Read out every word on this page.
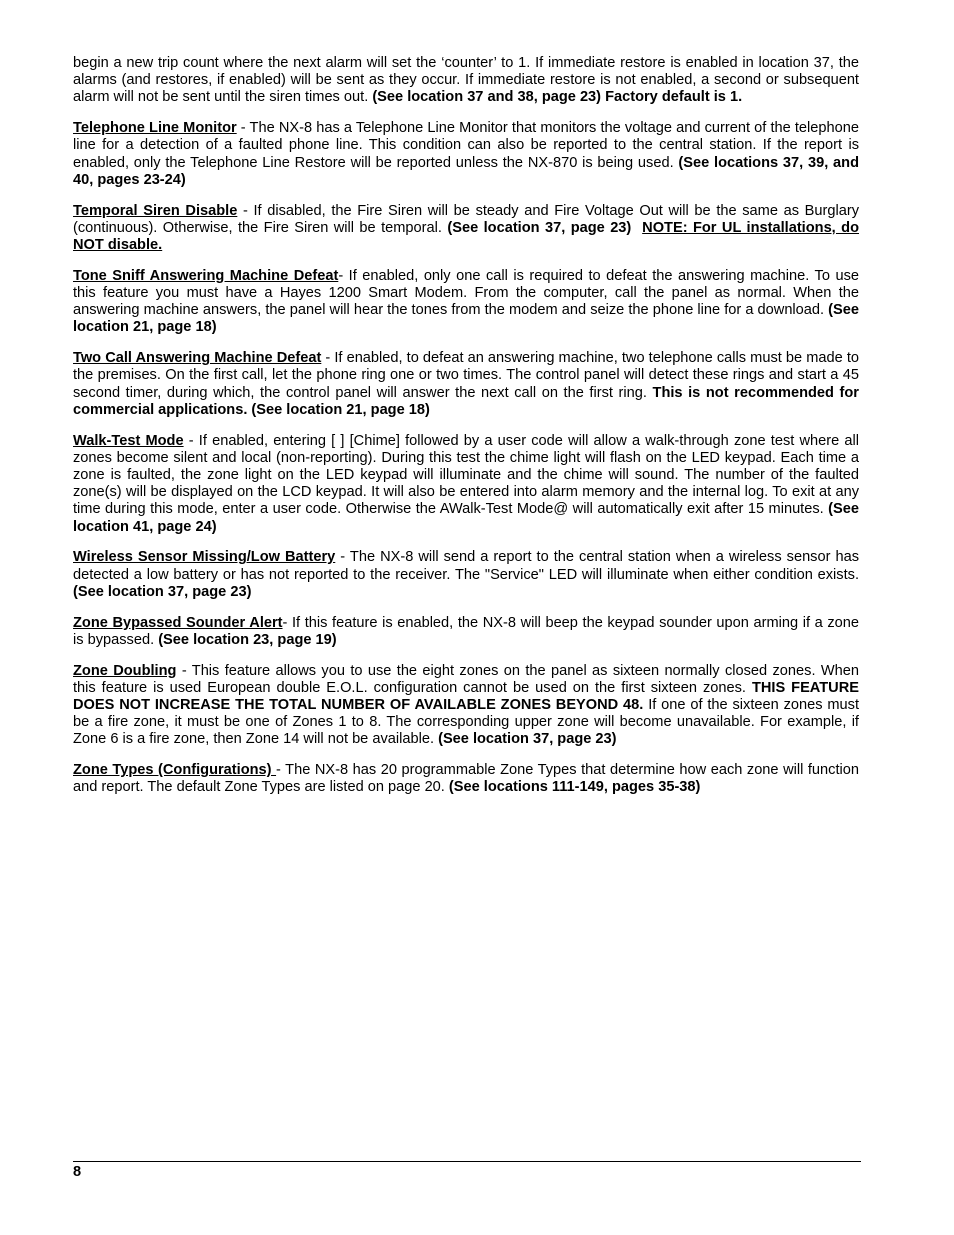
begin a new trip count where the next alarm will set the ‘counter’ to 1. If immediate restore is enabled in location 37, the alarms (and restores, if enabled) will be sent as they occur. If immediate restore is not enabled, a second or subsequent alarm will not be sent until the siren times out. (See location 37 and 38, page 23) Factory default is 1.

Telephone Line Monitor - The NX-8 has a Telephone Line Monitor that monitors the voltage and current of the telephone line for a detection of a faulted phone line. This condition can also be reported to the central station. If the report is enabled, only the Telephone Line Restore will be reported unless the NX-870 is being used. (See locations 37, 39, and 40, pages 23-24)

Temporal Siren Disable - If disabled, the Fire Siren will be steady and Fire Voltage Out will be the same as Burglary (continuous). Otherwise, the Fire Siren will be temporal. (See location 37, page 23) NOTE: For UL installations, do NOT disable.

Tone Sniff Answering Machine Defeat- If enabled, only one call is required to defeat the answering machine. To use this feature you must have a Hayes 1200 Smart Modem. From the computer, call the panel as normal. When the answering machine answers, the panel will hear the tones from the modem and seize the phone line for a download. (See location 21, page 18)

Two Call Answering Machine Defeat - If enabled, to defeat an answering machine, two telephone calls must be made to the premises. On the first call, let the phone ring one or two times. The control panel will detect these rings and start a 45 second timer, during which, the control panel will answer the next call on the first ring. This is not recommended for commercial applications. (See location 21, page 18)

Walk-Test Mode - If enabled, entering [ ] [Chime] followed by a user code will allow a walk-through zone test where all zones become silent and local (non-reporting). During this test the chime light will flash on the LED keypad. Each time a zone is faulted, the zone light on the LED keypad will illuminate and the chime will sound. The number of the faulted zone(s) will be displayed on the LCD keypad. It will also be entered into alarm memory and the internal log. To exit at any time during this mode, enter a user code. Otherwise the AWalk-Test Mode@ will automatically exit after 15 minutes. (See location 41, page 24)

Wireless Sensor Missing/Low Battery - The NX-8 will send a report to the central station when a wireless sensor has detected a low battery or has not reported to the receiver. The "Service" LED will illuminate when either condition exists. (See location 37, page 23)

Zone Bypassed Sounder Alert- If this feature is enabled, the NX-8 will beep the keypad sounder upon arming if a zone is bypassed. (See location 23, page 19)

Zone Doubling - This feature allows you to use the eight zones on the panel as sixteen normally closed zones. When this feature is used European double E.O.L. configuration cannot be used on the first sixteen zones. THIS FEATURE DOES NOT INCREASE THE TOTAL NUMBER OF AVAILABLE ZONES BEYOND 48. If one of the sixteen zones must be a fire zone, it must be one of Zones 1 to 8. The corresponding upper zone will become unavailable. For example, if Zone 6 is a fire zone, then Zone 14 will not be available. (See location 37, page 23)

Zone Types (Configurations) - The NX-8 has 20 programmable Zone Types that determine how each zone will function and report. The default Zone Types are listed on page 20. (See locations 111-149, pages 35-38)

8
